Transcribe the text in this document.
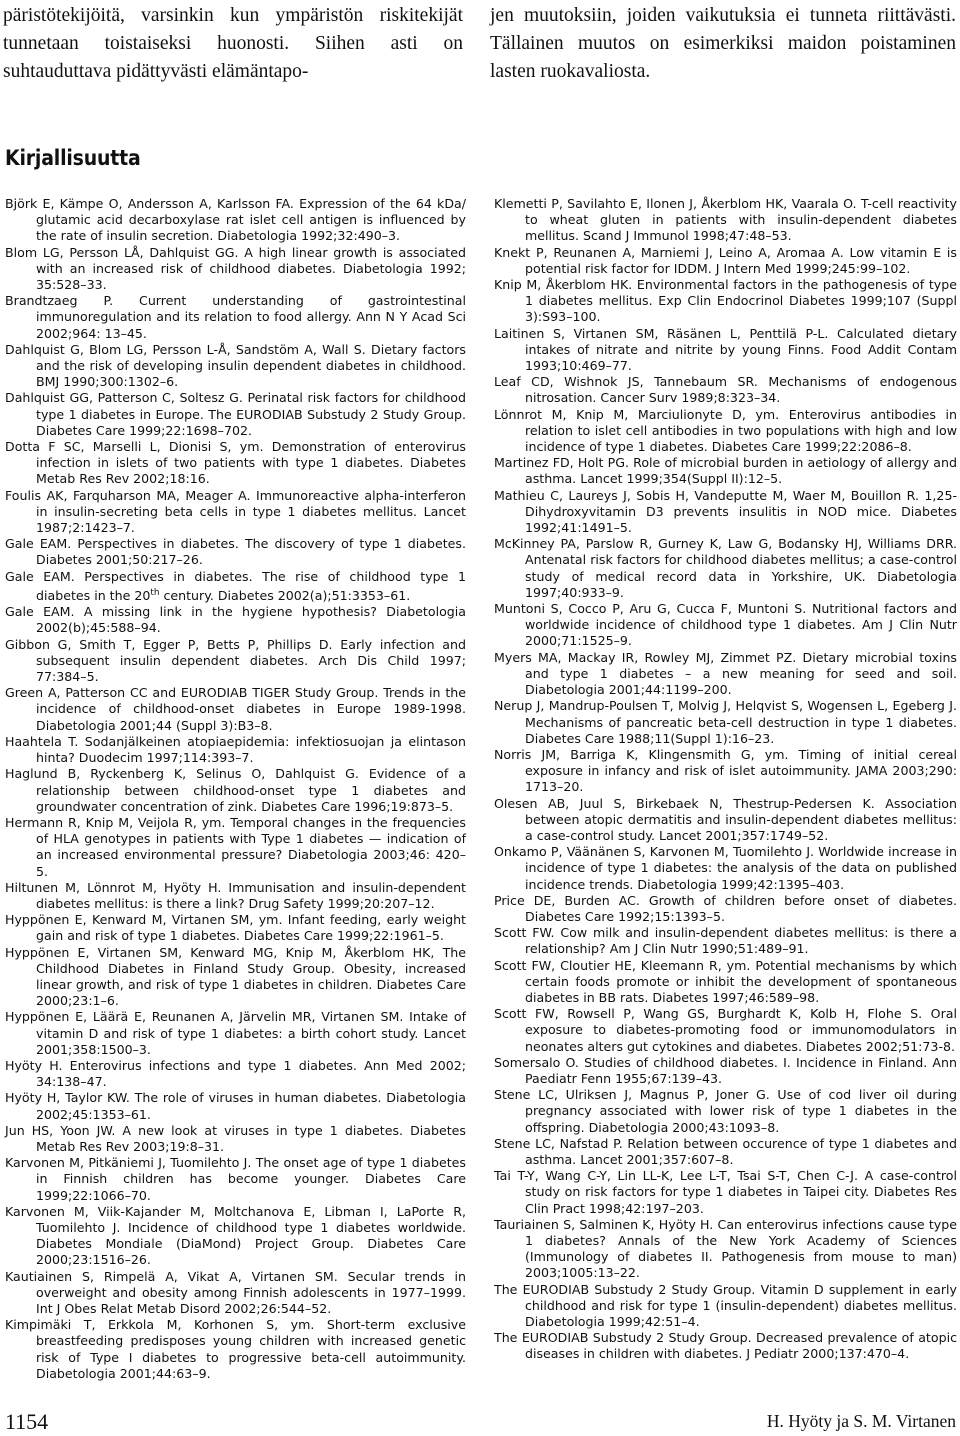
päristötekijöitä, varsinkin kun ympäristön riskitekijät tunnetaan toistaiseksi huonosti. Siihen asti on suhtauduttava pidättyvästi elämäntapo-

jen muutoksiin, joiden vaikutuksia ei tunneta riittävästi. Tällainen muutos on esimerkiksi maidon poistaminen lasten ruokavaliosta.

Kirjallisuutta
Björk E, Kämpe O, Andersson A, Karlsson FA. Expression of the 64 kDa/ glutamic acid decarboxylase rat islet cell antigen is influenced by the rate of insulin secretion. Diabetologia 1992;32:490–3.
Blom LG, Persson LÅ, Dahlquist GG. A high linear growth is associated with an increased risk of childhood diabetes. Diabetologia 1992; 35:528–33.
Brandtzaeg P. Current understanding of gastrointestinal immunoregulation and its relation to food allergy. Ann N Y Acad Sci 2002;964: 13–45.
Dahlquist G, Blom LG, Persson L-Å, Sandstöm A, Wall S. Dietary factors and the risk of developing insulin dependent diabetes in childhood. BMJ 1990;300:1302–6.
Dahlquist GG, Patterson C, Soltesz G. Perinatal risk factors for childhood type 1 diabetes in Europe. The EURODIAB Substudy 2 Study Group. Diabetes Care 1999;22:1698–702.
Dotta F SC, Marselli L, Dionisi S, ym. Demonstration of enterovirus infection in islets of two patients with type 1 diabetes. Diabetes Metab Res Rev 2002;18:16.
Foulis AK, Farquharson MA, Meager A. Immunoreactive alpha-interferon in insulin-secreting beta cells in type 1 diabetes mellitus. Lancet 1987;2:1423–7.
Gale EAM. Perspectives in diabetes. The discovery of type 1 diabetes. Diabetes 2001;50:217–26.
Gale EAM. Perspectives in diabetes. The rise of childhood type 1 diabetes in the 20th century. Diabetes 2002(a);51:3353–61.
Gale EAM. A missing link in the hygiene hypothesis? Diabetologia 2002(b);45:588–94.
Gibbon G, Smith T, Egger P, Betts P, Phillips D. Early infection and subsequent insulin dependent diabetes. Arch Dis Child 1997; 77:384–5.
Green A, Patterson CC and EURODIAB TIGER Study Group. Trends in the incidence of childhood-onset diabetes in Europe 1989-1998. Diabetologia 2001;44 (Suppl 3):B3–8.
Haahtela T. Sodanjälkeinen atopiaepidemia: infektiosuojan ja elintason hinta? Duodecim 1997;114:393–7.
Haglund B, Ryckenberg K, Selinus O, Dahlquist G. Evidence of a relationship between childhood-onset type 1 diabetes and groundwater concentration of zink. Diabetes Care 1996;19:873–5.
Hermann R, Knip M, Veijola R, ym. Temporal changes in the frequencies of HLA genotypes in patients with Type 1 diabetes — indication of an increased environmental pressure? Diabetologia 2003;46: 420–5.
Hiltunen M, Lönnrot M, Hyöty H. Immunisation and insulin-dependent diabetes mellitus: is there a link? Drug Safety 1999;20:207–12.
Hyppönen E, Kenward M, Virtanen SM, ym. Infant feeding, early weight gain and risk of type 1 diabetes. Diabetes Care 1999;22:1961–5.
Hyppönen E, Virtanen SM, Kenward MG, Knip M, Åkerblom HK, The Childhood Diabetes in Finland Study Group. Obesity, increased linear growth, and risk of type 1 diabetes in children. Diabetes Care 2000;23:1–6.
Hyppönen E, Läärä E, Reunanen A, Järvelin MR, Virtanen SM. Intake of vitamin D and risk of type 1 diabetes: a birth cohort study. Lancet 2001;358:1500–3.
Hyöty H. Enterovirus infections and type 1 diabetes. Ann Med 2002; 34:138–47.
Hyöty H, Taylor KW. The role of viruses in human diabetes. Diabetologia 2002;45:1353–61.
Jun HS, Yoon JW. A new look at viruses in type 1 diabetes. Diabetes Metab Res Rev 2003;19:8–31.
Karvonen M, Pitkäniemi J, Tuomilehto J. The onset age of type 1 diabetes in Finnish children has become younger. Diabetes Care 1999;22:1066–70.
Karvonen M, Viik-Kajander M, Moltchanova E, Libman I, LaPorte R, Tuomilehto J. Incidence of childhood type 1 diabetes worldwide. Diabetes Mondiale (DiaMond) Project Group. Diabetes Care 2000;23:1516–26.
Kautiainen S, Rimpelä A, Vikat A, Virtanen SM. Secular trends in overweight and obesity among Finnish adolescents in 1977–1999. Int J Obes Relat Metab Disord 2002;26:544–52.
Kimpimäki T, Erkkola M, Korhonen S, ym. Short-term exclusive breastfeeding predisposes young children with increased genetic risk of Type I diabetes to progressive beta-cell autoimmunity. Diabetologia 2001;44:63–9.
Klemetti P, Savilahto E, Ilonen J, Åkerblom HK, Vaarala O. T-cell reactivity to wheat gluten in patients with insulin-dependent diabetes mellitus. Scand J Immunol 1998;47:48–53.
Knekt P, Reunanen A, Marniemi J, Leino A, Aromaa A. Low vitamin E is potential risk factor for IDDM. J Intern Med 1999;245:99–102.
Knip M, Åkerblom HK. Environmental factors in the pathogenesis of type 1 diabetes mellitus. Exp Clin Endocrinol Diabetes 1999;107 (Suppl 3):S93–100.
Laitinen S, Virtanen SM, Räsänen L, Penttilä P-L. Calculated dietary intakes of nitrate and nitrite by young Finns. Food Addit Contam 1993;10:469–77.
Leaf CD, Wishnok JS, Tannebaum SR. Mechanisms of endogenous nitrosation. Cancer Surv 1989;8:323–34.
Lönnrot M, Knip M, Marciulionyte D, ym. Enterovirus antibodies in relation to islet cell antibodies in two populations with high and low incidence of type 1 diabetes. Diabetes Care 1999;22:2086–8.
Martinez FD, Holt PG. Role of microbial burden in aetiology of allergy and asthma. Lancet 1999;354(Suppl II):12–5.
Mathieu C, Laureys J, Sobis H, Vandeputte M, Waer M, Bouillon R. 1,25-Dihydroxyvitamin D3 prevents insulitis in NOD mice. Diabetes 1992;41:1491–5.
McKinney PA, Parslow R, Gurney K, Law G, Bodansky HJ, Williams DRR. Antenatal risk factors for childhood diabetes mellitus; a case-control study of medical record data in Yorkshire, UK. Diabetologia 1997;40:933–9.
Muntoni S, Cocco P, Aru G, Cucca F, Muntoni S. Nutritional factors and worldwide incidence of childhood type 1 diabetes. Am J Clin Nutr 2000;71:1525–9.
Myers MA, Mackay IR, Rowley MJ, Zimmet PZ. Dietary microbial toxins and type 1 diabetes – a new meaning for seed and soil. Diabetologia 2001;44:1199–200.
Nerup J, Mandrup-Poulsen T, Molvig J, Helqvist S, Wogensen L, Egeberg J. Mechanisms of pancreatic beta-cell destruction in type 1 diabetes. Diabetes Care 1988;11(Suppl 1):16–23.
Norris JM, Barriga K, Klingensmith G, ym. Timing of initial cereal exposure in infancy and risk of islet autoimmunity. JAMA 2003;290: 1713–20.
Olesen AB, Juul S, Birkebaek N, Thestrup-Pedersen K. Association between atopic dermatitis and insulin-dependent diabetes mellitus: a case-control study. Lancet 2001;357:1749–52.
Onkamo P, Väänänen S, Karvonen M, Tuomilehto J. Worldwide increase in incidence of type 1 diabetes: the analysis of the data on published incidence trends. Diabetologia 1999;42:1395–403.
Price DE, Burden AC. Growth of children before onset of diabetes. Diabetes Care 1992;15:1393–5.
Scott FW. Cow milk and insulin-dependent diabetes mellitus: is there a relationship? Am J Clin Nutr 1990;51:489–91.
Scott FW, Cloutier HE, Kleemann R, ym. Potential mechanisms by which certain foods promote or inhibit the development of spontaneous diabetes in BB rats. Diabetes 1997;46:589–98.
Scott FW, Rowsell P, Wang GS, Burghardt K, Kolb H, Flohe S. Oral exposure to diabetes-promoting food or immunomodulators in neonates alters gut cytokines and diabetes. Diabetes 2002;51:73-8.
Somersalo O. Studies of childhood diabetes. I. Incidence in Finland. Ann Paediatr Fenn 1955;67:139–43.
Stene LC, Ulriksen J, Magnus P, Joner G. Use of cod liver oil during pregnancy associated with lower risk of type 1 diabetes in the offspring. Diabetologia 2000;43:1093–8.
Stene LC, Nafstad P. Relation between occurence of type 1 diabetes and asthma. Lancet 2001;357:607–8.
Tai T-Y, Wang C-Y, Lin LL-K, Lee L-T, Tsai S-T, Chen C-J. A case-control study on risk factors for type 1 diabetes in Taipei city. Diabetes Res Clin Pract 1998;42:197–203.
Tauriainen S, Salminen K, Hyöty H. Can enterovirus infections cause type 1 diabetes? Annals of the New York Academy of Sciences (Immunology of diabetes II. Pathogenesis from mouse to man) 2003;1005:13–22.
The EURODIAB Substudy 2 Study Group. Vitamin D supplement in early childhood and risk for type 1 (insulin-dependent) diabetes mellitus. Diabetologia 1999;42:51–4.
The EURODIAB Substudy 2 Study Group. Decreased prevalence of atopic diseases in children with diabetes. J Pediatr 2000;137:470–4.
1154	H. Hyöty ja S. M. Virtanen
